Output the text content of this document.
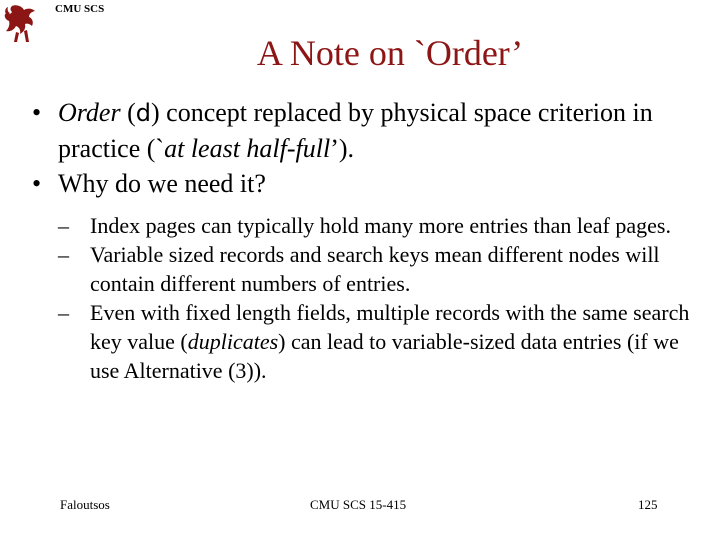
CMU SCS
A Note on `Order’
• Order (d) concept replaced by physical space criterion in practice (`at least half-full’).
• Why do we need it?
– Index pages can typically hold many more entries than leaf pages.
– Variable sized records and search keys mean different nodes will contain different numbers of entries.
– Even with fixed length fields, multiple records with the same search key value (duplicates) can lead to variable-sized data entries (if we use Alternative (3)).
Faloutsos	CMU SCS 15-415	125
